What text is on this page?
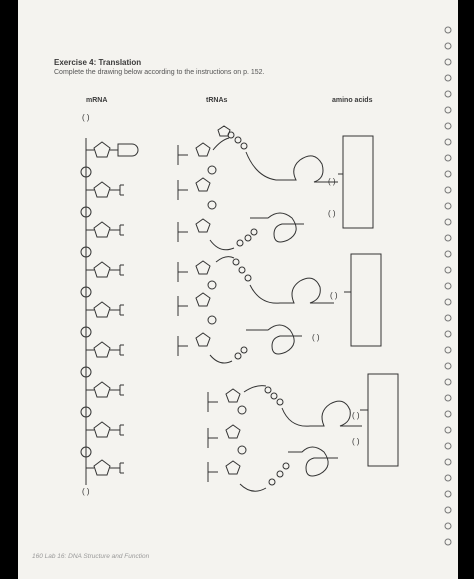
( )
( )
( )
( )
( )
( )
( )
( )
Exercise 4: Translation
Complete the drawing below according to the instructions on p. 152.
mRNA	tRNAs	amino acids
160 Lab 16: DNA Structure and Function
